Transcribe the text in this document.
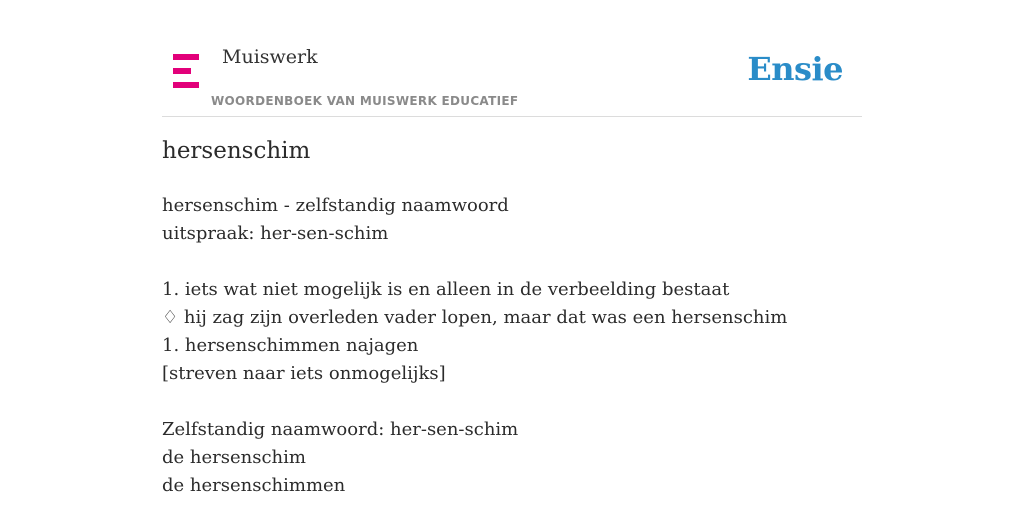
Muiswerk
WOORDENBOEK VAN MUISWERK EDUCATIEF
Ensie
hersenschim
hersenschim - zelfstandig naamwoord
uitspraak: her-sen-schim
1. iets wat niet mogelijk is en alleen in de verbeelding bestaat
♢ hij zag zijn overleden vader lopen, maar dat was een hersenschim
1. hersenschimmen najagen
[streven naar iets onmogelijks]
Zelfstandig naamwoord: her-sen-schim
de hersenschim
de hersenschimmen
